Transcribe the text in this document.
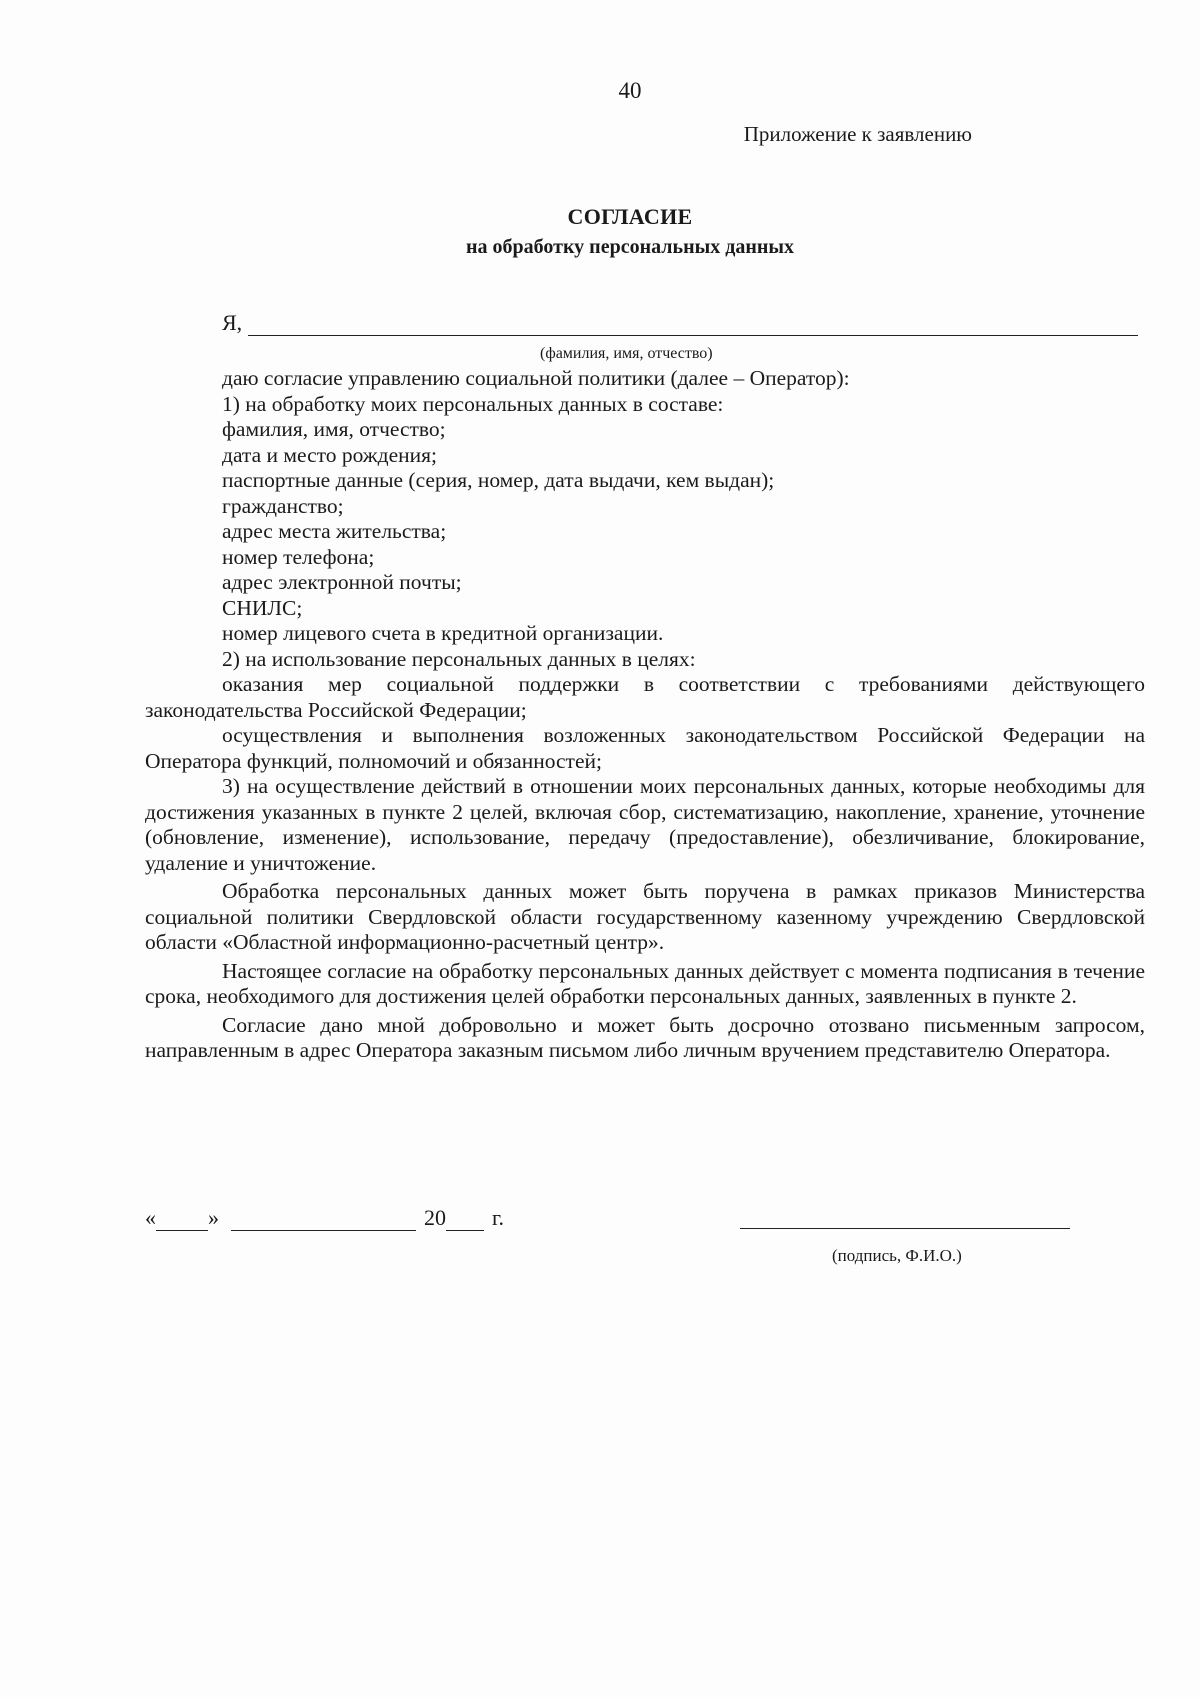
40
Приложение к заявлению
СОГЛАСИЕ
на обработку персональных данных
Я,
(фамилия, имя, отчество)

даю согласие управлению социальной политики (далее – Оператор):

1) на обработку моих персональных данных в составе:

фамилия, имя, отчество;

дата и место рождения;

паспортные данные (серия, номер, дата выдачи, кем выдан);

гражданство;

адрес места жительства;

номер телефона;

адрес электронной почты;

СНИЛС;

номер лицевого счета в кредитной организации.

2) на использование персональных данных в целях:

оказания мер социальной поддержки в соответствии с требованиями действующего законодательства Российской Федерации;

осуществления и выполнения возложенных законодательством Российской Федерации на Оператора функций, полномочий и обязанностей;

3) на осуществление действий в отношении моих персональных данных, которые необходимы для достижения указанных в пункте 2 целей, включая сбор, систематизацию, накопление, хранение, уточнение (обновление, изменение), использование, передачу (предоставление), обезличивание, блокирование, удаление и уничтожение.

Обработка персональных данных может быть поручена в рамках приказов Министерства социальной политики Свердловской области государственному казенному учреждению Свердловской области «Областной информационно-расчетный центр».

Настоящее согласие на обработку персональных данных действует с момента подписания в течение срока, необходимого для достижения целей обработки персональных данных, заявленных в пункте 2.

Согласие дано мной добровольно и может быть досрочно отозвано письменным запросом, направленным в адрес Оператора заказным письмом либо личным вручением представителю Оператора.

« »	20 г.
(подпись, Ф.И.О.)
